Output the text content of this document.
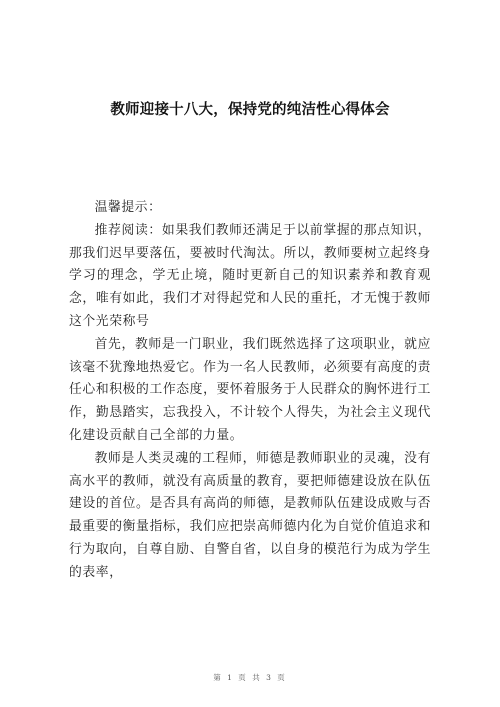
教师迎接十八大，保持党的纯洁性心得体会

温馨提示：

推荐阅读：如果我们教师还满足于以前掌握的那点知识，那我们迟早要落伍，要被时代淘汰。所以，教师要树立起终身学习的理念，学无止境，随时更新自己的知识素养和教育观念，唯有如此，我们才对得起党和人民的重托，才无愧于教师这个光荣称号

首先，教师是一门职业，我们既然选择了这项职业，就应该毫不犹豫地热爱它。作为一名人民教师，必须要有高度的责任心和积极的工作态度，要怀着服务于人民群众的胸怀进行工作，勤恳踏实，忘我投入，不计较个人得失，为社会主义现代化建设贡献自己全部的力量。

教师是人类灵魂的工程师，师德是教师职业的灵魂，没有高水平的教师，就没有高质量的教育，要把师德建设放在队伍建设的首位。是否具有高尚的师德，是教师队伍建设成败与否最重要的衡量指标，我们应把崇高师德内化为自觉价值追求和行为取向，自尊自励、自警自省，以自身的模范行为成为学生的表率，

第 1 页 共 3 页
